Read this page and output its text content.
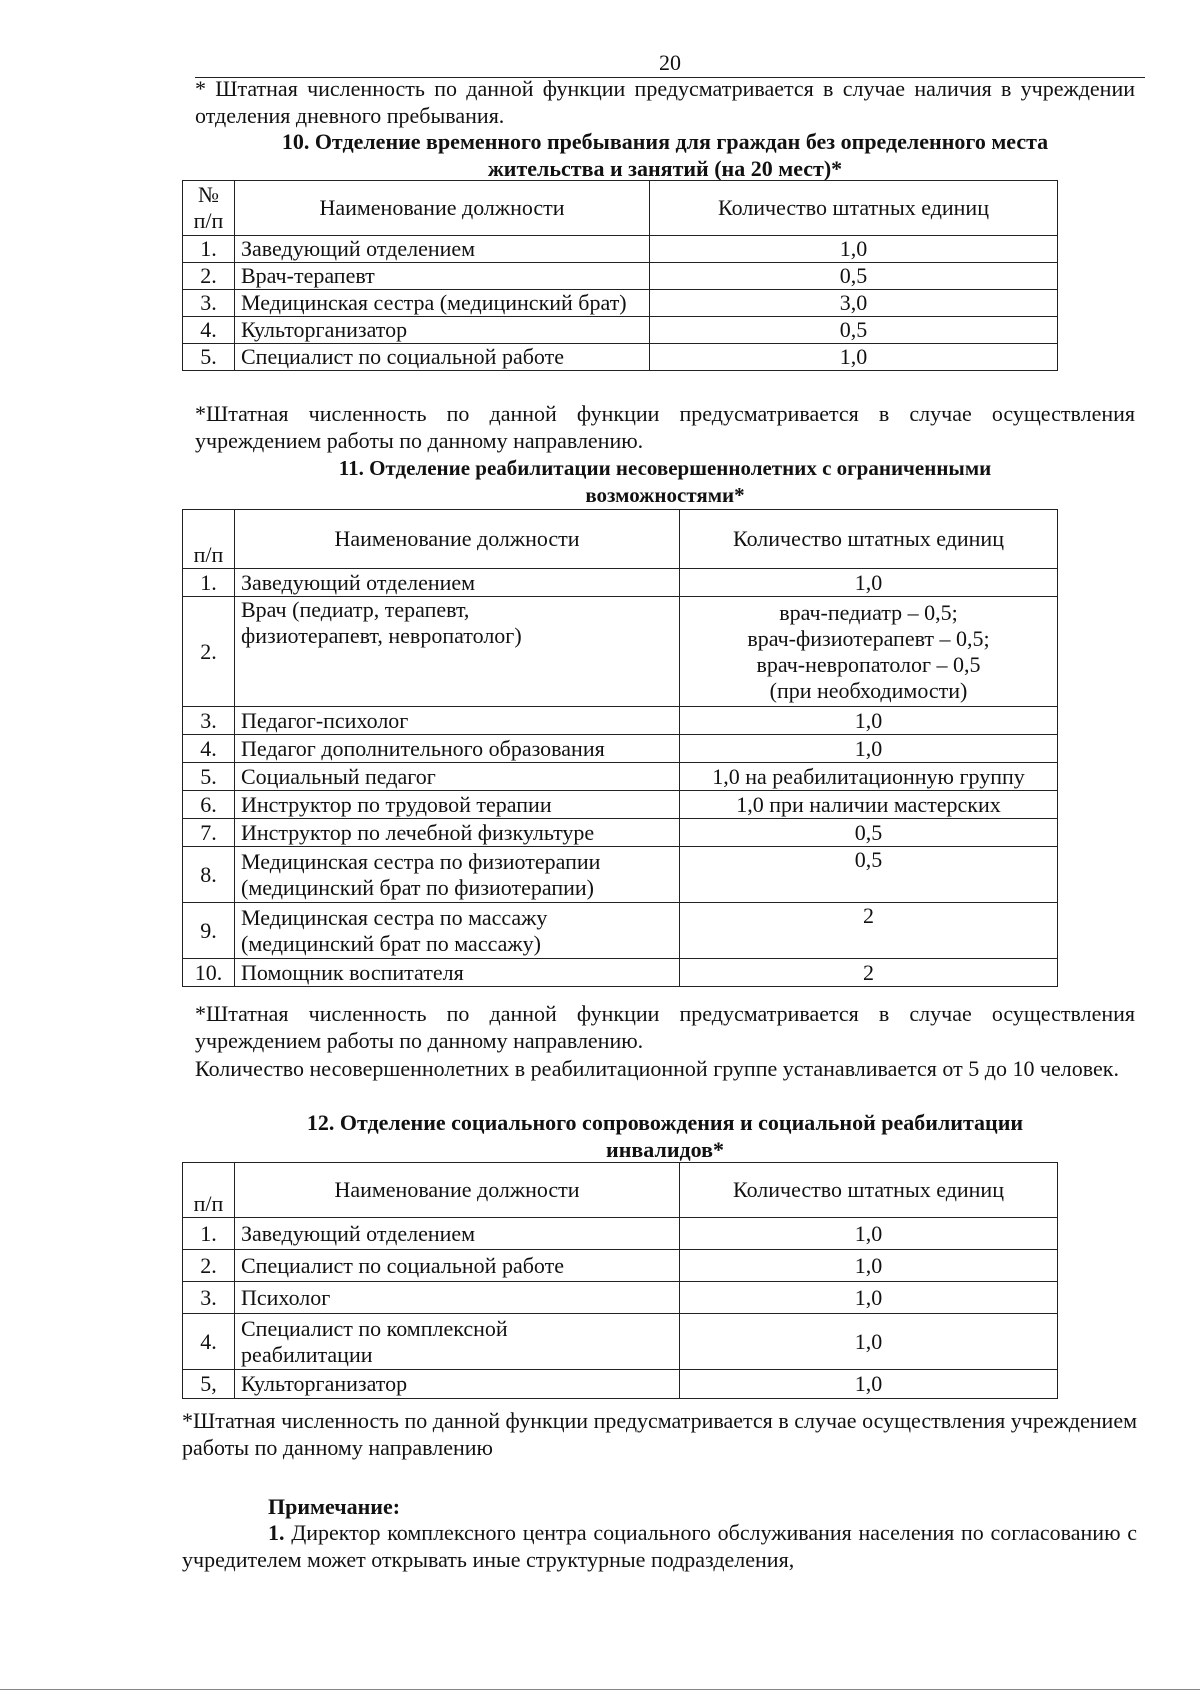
20
* Штатная численность по данной функции предусматривается в случае наличия в учреждении отделения дневного пребывания.
10. Отделение временного пребывания для граждан без определенного места
жительства и занятий (на 20 мест)*
№ п/п	Наименование должности	Количество штатных единиц
1.	Заведующий отделением	1,0
2.	Врач-терапевт	0,5
3.	Медицинская сестра (медицинский брат)	3,0
4.	Культорганизатор	0,5
5.	Специалист по социальной работе	1,0
*Штатная численность по данной функции предусматривается в случае осуществления учреждением работы по данному направлению.
11. Отделение реабилитации несовершеннолетних с ограниченными
возможностями*
п/п	Наименование должности	Количество штатных единиц
1.	Заведующий отделением	1,0
2.	Врач (педиатр, терапевт, физиотерапевт, невропатолог)	врач-педиатр – 0,5;
врач-физиотерапевт – 0,5;
врач-невропатолог – 0,5
(при необходимости)

3.	Педагог-психолог	1,0
4.	Педагог дополнительного образования	1,0
5.	Социальный педагог	1,0 на реабилитационную группу
6.	Инструктор по трудовой терапии	1,0 при наличии мастерских
7.	Инструктор по лечебной физкультуре	0,5
8.	Медицинская сестра по физиотерапии (медицинский брат по физиотерапии)	0,5
9.	Медицинская сестра по массажу (медицинский брат по массажу)	2
10.	Помощник воспитателя	2
*Штатная численность по данной функции предусматривается в случае осуществления учреждением работы по данному направлению.
Количество несовершеннолетних в реабилитационной группе устанавливается от 5 до 10 человек.
12. Отделение социального сопровождения и социальной реабилитации
инвалидов*
п/п	Наименование должности	Количество штатных единиц
1.	Заведующий отделением	1,0
2.	Специалист по социальной работе	1,0
3.	Психолог	1,0
4.	Специалист по комплексной реабилитации	1,0
5,	Культорганизатор	1,0
*Штатная численность по данной функции предусматривается в случае осуществления учреждением работы по данному направлению
Примечание:
1. Директор комплексного центра социального обслуживания населения по согласованию с учредителем может открывать иные структурные подразделения,
